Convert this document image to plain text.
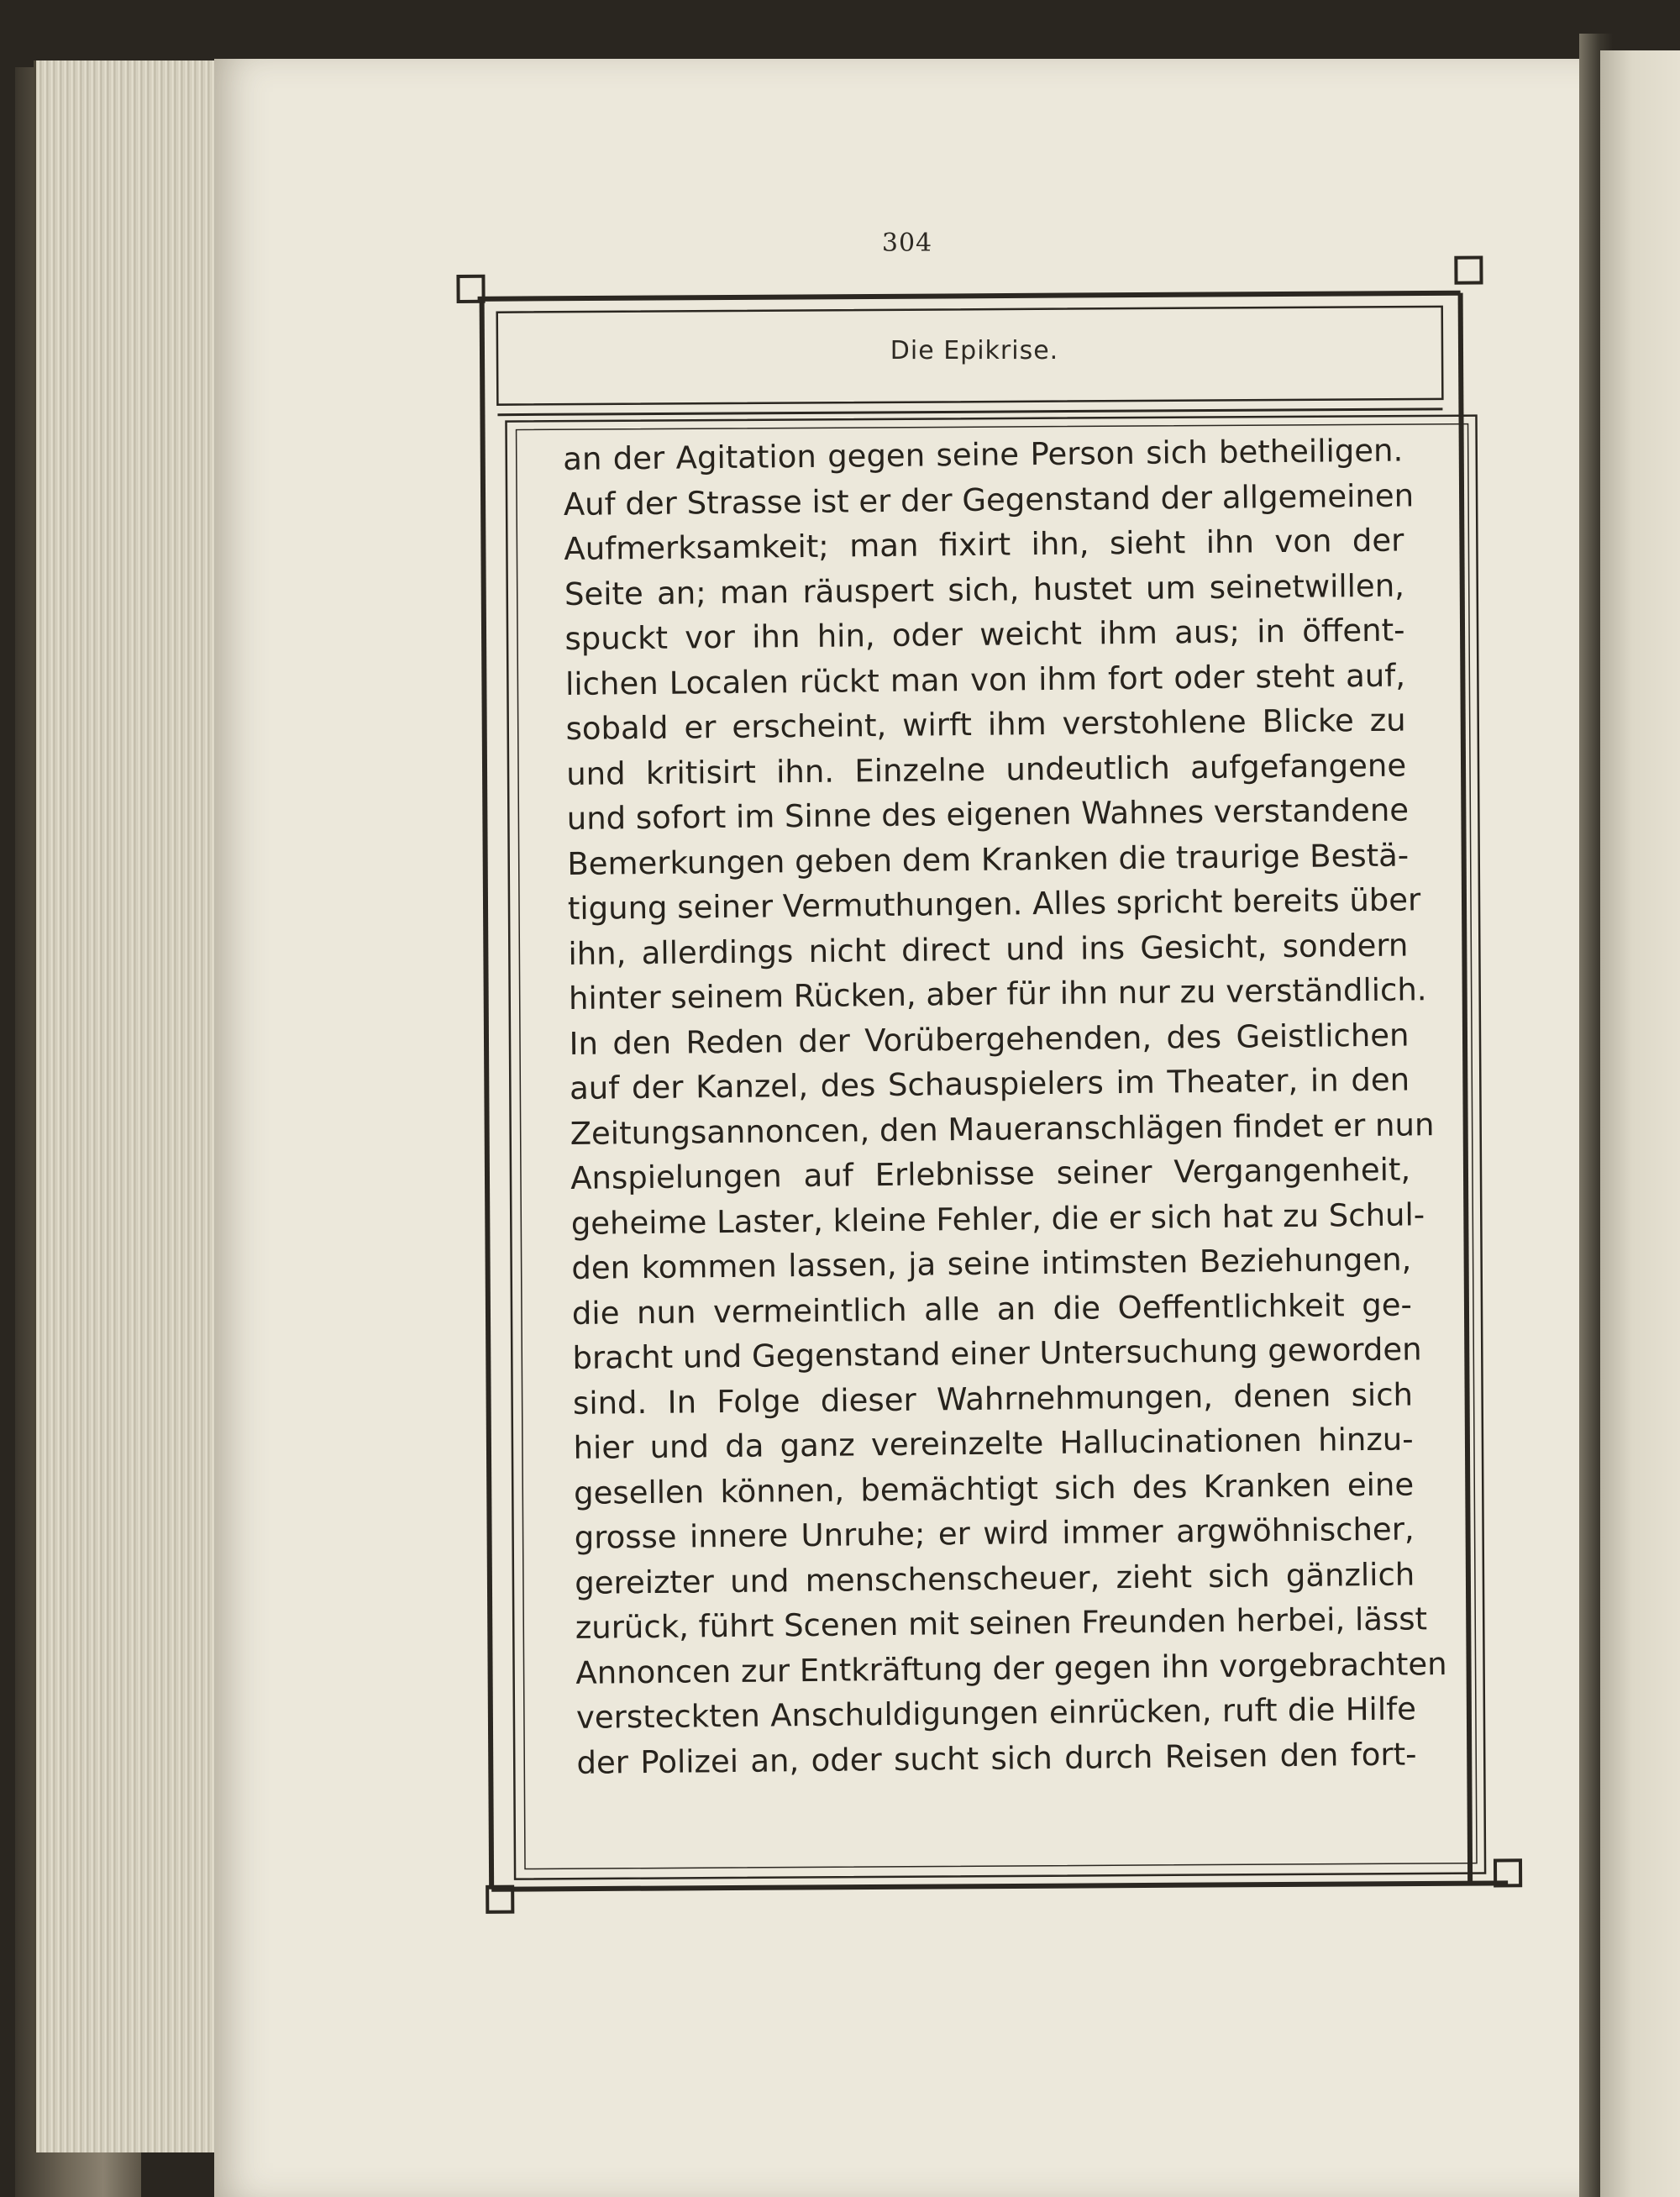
304
Die Epikrise.
an der Agitation gegen seine Person sich betheiligen.
Auf der Strasse ist er der Gegenstand der allgemeinen
Aufmerksamkeit; man fixirt ihn, sieht ihn von der
Seite an; man räuspert sich, hustet um seinetwillen,
spuckt vor ihn hin, oder weicht ihm aus; in öffent-
lichen Localen rückt man von ihm fort oder steht auf,
sobald er erscheint, wirft ihm verstohlene Blicke zu
und kritisirt ihn. Einzelne undeutlich aufgefangene
und sofort im Sinne des eigenen Wahnes verstandene
Bemerkungen geben dem Kranken die traurige Bestä-
tigung seiner Vermuthungen. Alles spricht bereits über
ihn, allerdings nicht direct und ins Gesicht, sondern
hinter seinem Rücken, aber für ihn nur zu verständlich.
In den Reden der Vorübergehenden, des Geistlichen
auf der Kanzel, des Schauspielers im Theater, in den
Zeitungsannoncen, den Maueranschlägen findet er nun
Anspielungen auf Erlebnisse seiner Vergangenheit,
geheime Laster, kleine Fehler, die er sich hat zu Schul-
den kommen lassen, ja seine intimsten Beziehungen,
die nun vermeintlich alle an die Oeffentlichkeit ge-
bracht und Gegenstand einer Untersuchung geworden
sind. In Folge dieser Wahrnehmungen, denen sich
hier und da ganz vereinzelte Hallucinationen hinzu-
gesellen können, bemächtigt sich des Kranken eine
grosse innere Unruhe; er wird immer argwöhnischer,
gereizter und menschenscheuer, zieht sich gänzlich
zurück, führt Scenen mit seinen Freunden herbei, lässt
Annoncen zur Entkräftung der gegen ihn vorgebrachten
versteckten Anschuldigungen einrücken, ruft die Hilfe
der Polizei an, oder sucht sich durch Reisen den fort-
